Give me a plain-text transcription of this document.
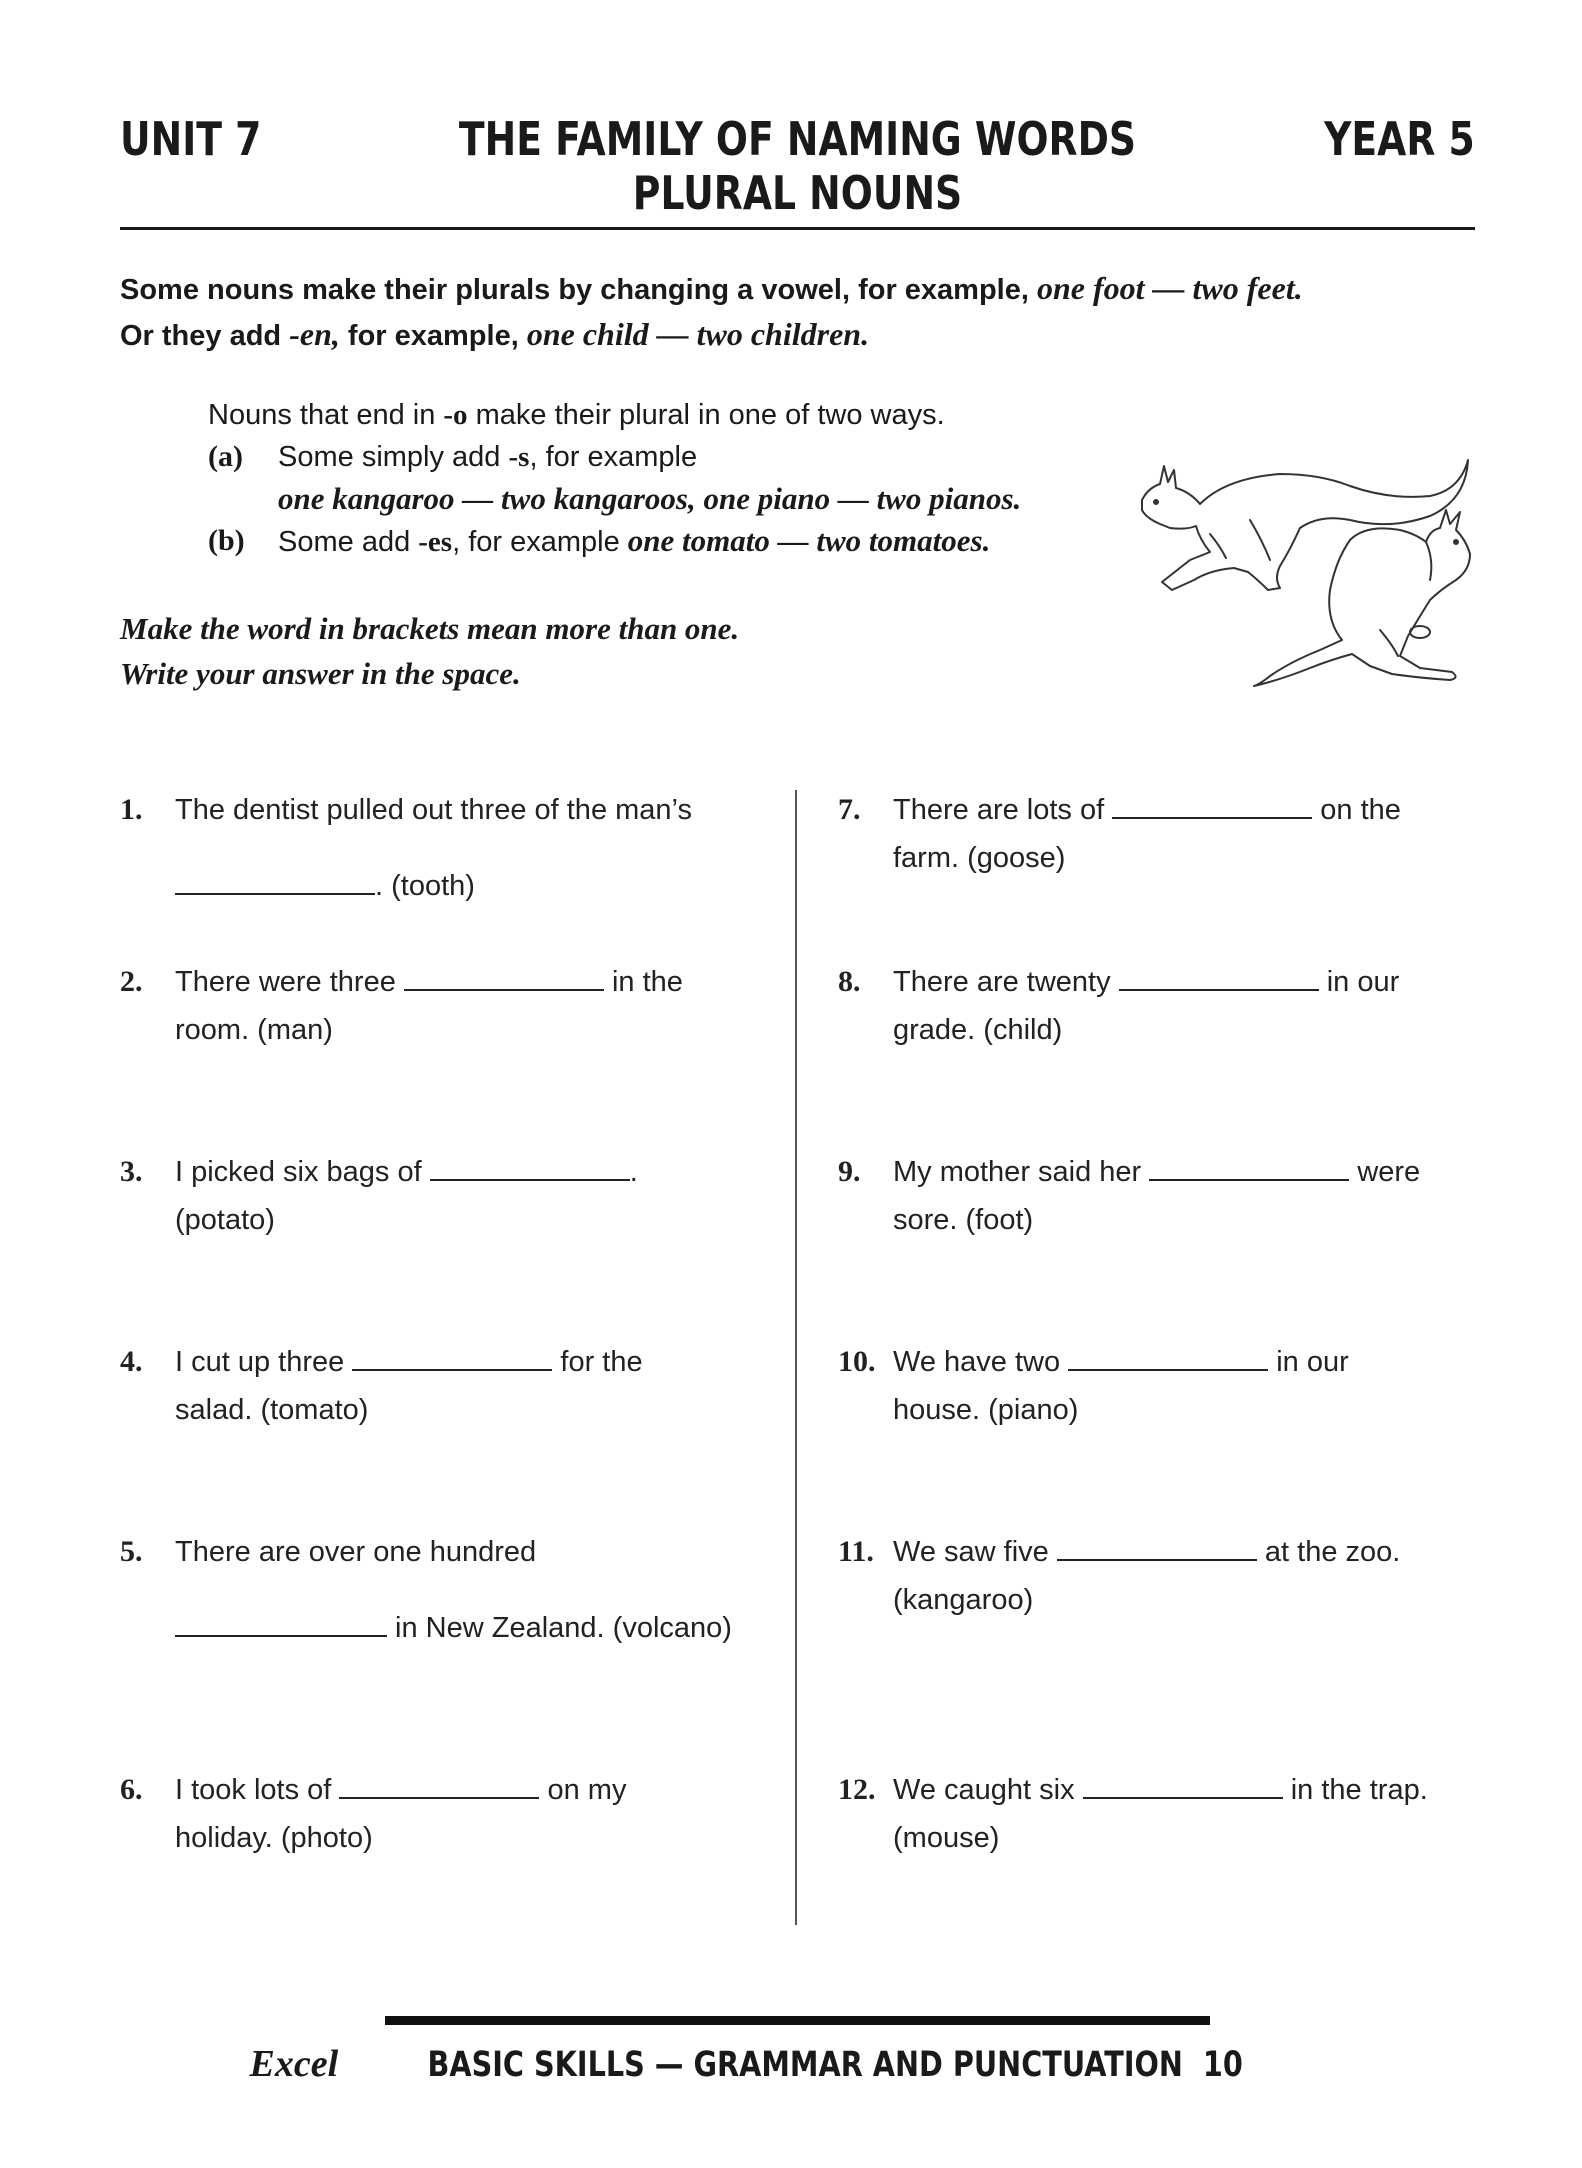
UNIT 7	THE FAMILY OF NAMING WORDS
PLURAL NOUNS
YEAR 5
Some nouns make their plurals by changing a vowel, for example, one foot — two feet.
Or they add -en, for example, one child — two children.
Nouns that end in -o make their plural in one of two ways.
(a) Some simply add -s, for example
one kangaroo — two kangaroos, one piano — two pianos.
(b) Some add -es, for example one tomato — two tomatoes.
Make the word in brackets mean more than one.
Write your answer in the space.
1. The dentist pulled out three of the man’s
. (tooth)
2. There were three	in the
room. (man)
3. I picked six bags of	.
(potato)
4. I cut up three	for the
salad. (tomato)
5. There are over one hundred
in New Zealand. (volcano)
6. I took lots of	on my
holiday. (photo)
7. There are lots of	on the
farm. (goose)
8. There are twenty	in our
grade. (child)
9. My mother said her	were
sore. (foot)
10. We have two	in our
house. (piano)
11. We saw five	at the zoo.
(kangaroo)
12. We caught six	in the trap.
(mouse)
Excel	BASIC SKILLS — GRAMMAR AND PUNCTUATION 10
